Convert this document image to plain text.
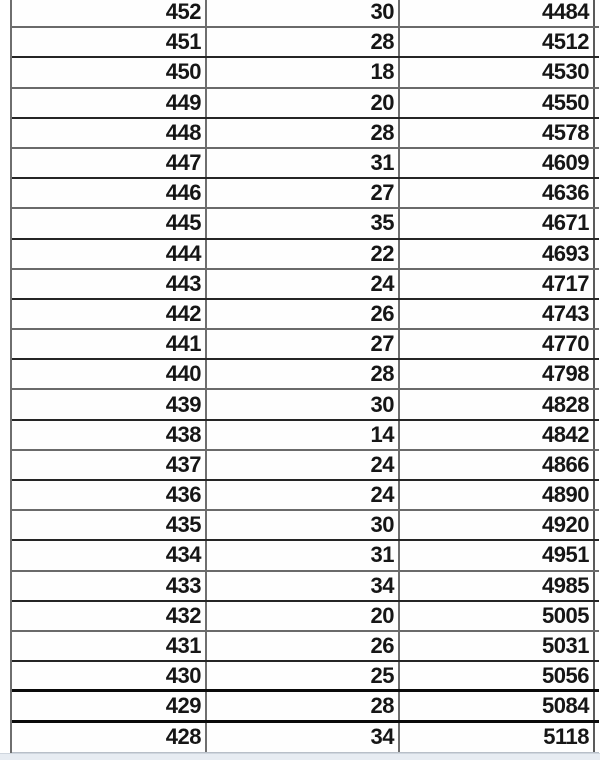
452	30	4484
451	28	4512
450	18	4530
449	20	4550
448	28	4578
447	31	4609
446	27	4636
445	35	4671
444	22	4693
443	24	4717
442	26	4743
441	27	4770
440	28	4798
439	30	4828
438	14	4842
437	24	4866
436	24	4890
435	30	4920
434	31	4951
433	34	4985
432	20	5005
431	26	5031
430	25	5056
429	28	5084
428	34	5118
